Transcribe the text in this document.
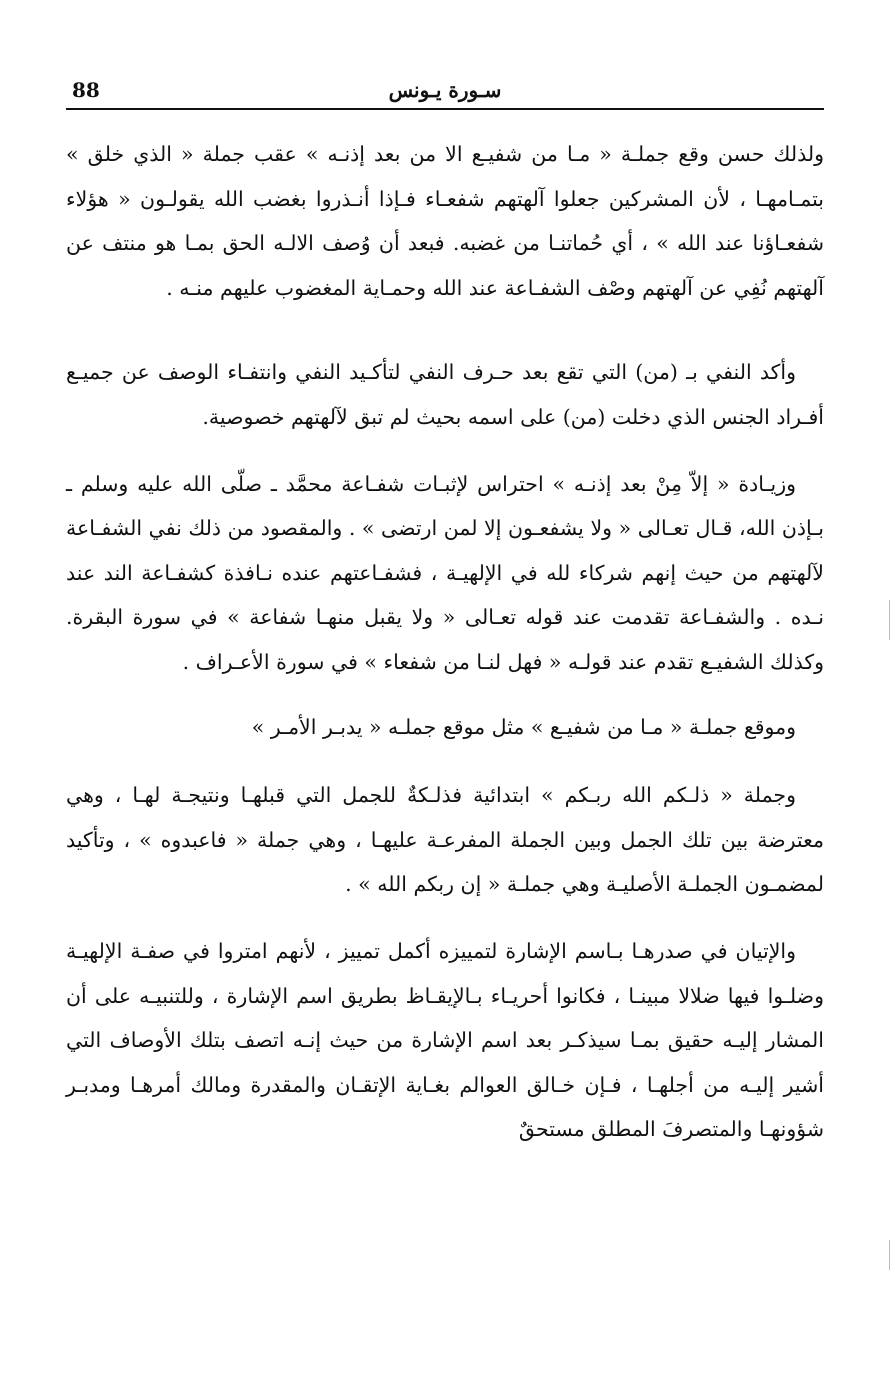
88	سـورة يـونس

ولذلك حسن وقع جملـة « مـا من شفيـع الا من بعد إذنـه » عقب جملة « الذي خلق » بتمـامهـا ، لأن المشركين جعلوا آلهتهم شفعـاء فـإذا أنـذروا بغضب الله يقولـون « هؤلاء شفعـاؤنا عند الله » ، أي حُماتنـا من غضبه. فبعد أن وُصف الالـه الحق بمـا هو منتف عن آلهتهم نُفِي عن آلهتهم وصْف الشفـاعة عند الله وحمـاية المغضوب عليهم منـه .

وأكد النفي بـ (من) التي تقع بعد حـرف النفي لتأكـيد النفي وانتفـاء الوصف عن جميـع أفـراد الجنس الذي دخلت (من) على اسمه بحيث لم تبق لآلهتهم خصوصية.

وزيـادة « إلاّ مِنْ بعد إذنـه » احتراس لإثبـات شفـاعة محمَّد ـ صلّى الله عليه وسلم ـ بـإذن الله، قـال تعـالى « ولا يشفعـون إلا لمن ارتضى » . والمقصود من ذلك نفي الشفـاعة لآلهتهم من حيث إنهم شركاء لله في الإلهيـة ، فشفـاعتهم عنده نـافذة كشفـاعة الند عند نـده . والشفـاعة تقدمت عند قوله تعـالى « ولا يقبل منهـا شفاعة » في سورة البقرة. وكذلك الشفيـع تقدم عند قولـه « فهل لنـا من شفعاء » في سورة الأعـراف .

وموقع جملـة « مـا من شفيـع » مثل موقع جملـه « يدبـر الأمـر »

وجملة « ذلـكم الله ربـكم » ابتدائية فذلـكةٌ للجمل التي قبلهـا ونتيجـة لهـا ، وهي معترضة بين تلك الجمل وبين الجملة المفرعـة عليهـا ، وهي جملة « فاعبدوه » ، وتأكيد لمضمـون الجملـة الأصليـة وهي جملـة « إن ربكم الله » .

والإتيان في صدرهـا بـاسم الإشارة لتمييزه أكمل تمييز ، لأنهم امتروا في صفـة الإلهيـة وضلـوا فيها ضلالا مبينـا ، فكانوا أحريـاء بـالإيقـاظ بطريق اسم الإشارة ، وللتنبيـه على أن المشار إليـه حقيق بمـا سيذكـر بعد اسم الإشارة من حيث إنـه اتصف بتلك الأوصاف التي أشير إليـه من أجلهـا ، فـإن خـالق العوالم بغـاية الإتقـان والمقدرة ومالك أمرهـا ومدبـر شؤونهـا والمتصرفَ المطلق مستحقٌ
